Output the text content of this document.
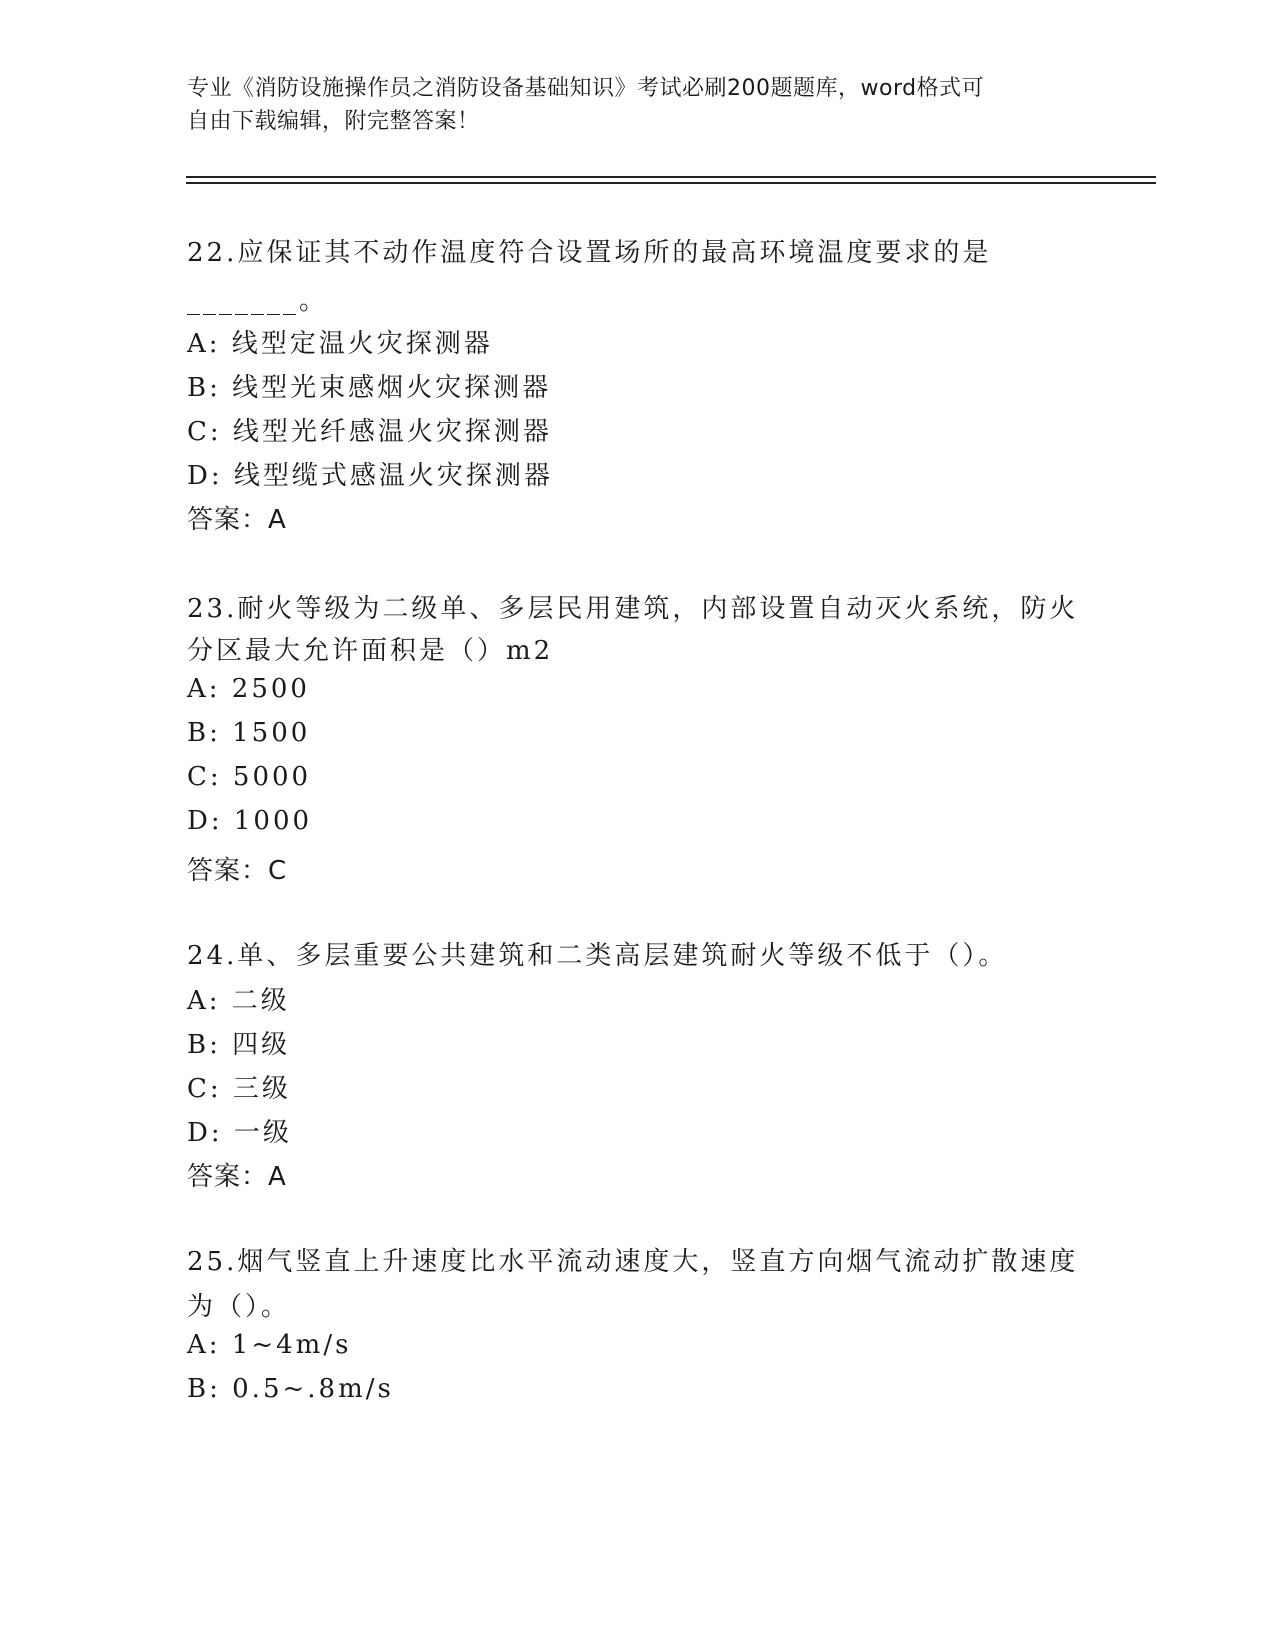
专业《消防设施操作员之消防设备基础知识》考试必刷200题题库，word格式可
自由下载编辑，附完整答案！
22.应保证其不动作温度符合设置场所的最高环境温度要求的是
_______。
A: 线型定温火灾探测器
B: 线型光束感烟火灾探测器
C: 线型光纤感温火灾探测器
D: 线型缆式感温火灾探测器
答案：A
23.耐火等级为二级单、多层民用建筑，内部设置自动灭火系统，防火
分区最大允许面积是（）m2
A: 2500
B: 1500
C: 5000
D: 1000
答案：C
24.单、多层重要公共建筑和二类高层建筑耐火等级不低于（）。
A: 二级
B: 四级
C: 三级
D: 一级
答案：A
25.烟气竖直上升速度比水平流动速度大，竖直方向烟气流动扩散速度
为（）。
A: 1~4m/s
B: 0.5~.8m/s
